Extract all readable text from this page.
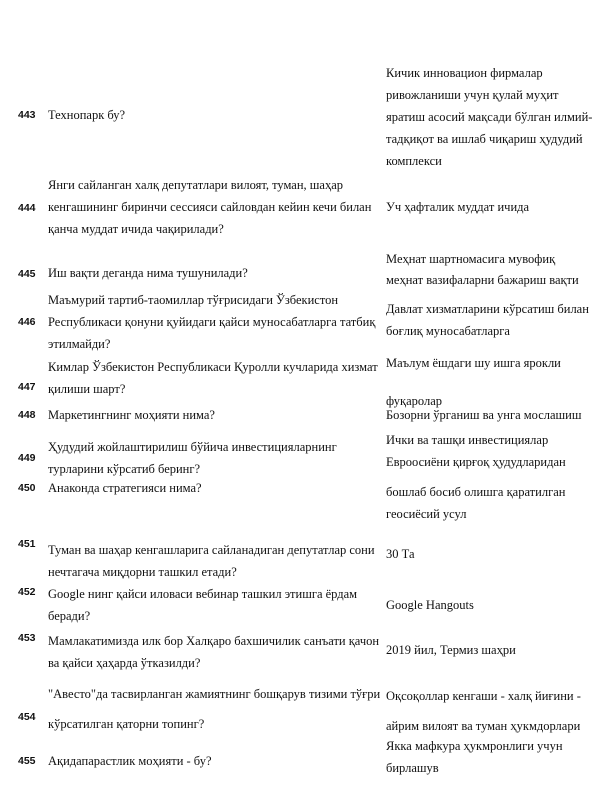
443 Технопарк бу?
Кичик инновацион фирмалар
ривожланиши учун қулай муҳит
яратиш асосий мақсади бўлган илмий-
тадқиқот ва ишлаб чиқариш ҳудудий
комплекси
444
Янги сайланган халқ депутатлари вилоят, туман, шаҳар
кенгашининг биринчи сессияси сайловдан кейин кечи билан
қанча муддат ичида чақирилади?
Уч ҳафталик муддат ичида
445 Иш вақти деганда нима тушунилади?
Меҳнат шартномасига мувофиқ
меҳнат вазифаларни бажариш вақти
446
Маъмурий тартиб-таомиллар тўғрисидаги Ўзбекистон
Республикаси қонуни қуйидаги қайси муносабатларга татбиқ
этилмайди?
Давлат хизматларини кўрсатиш билан
боғлиқ муносабатларга
447
Кимлар Ўзбекистон Республикаси Қуролли кучларида хизмат
қилиши шарт?
Маълум ёшдаги шу ишга ярокли
фуқаролар
448 Маркетингнинг моҳияти нима?	Бозорни ўрганиш ва унга мослашиш
449
Ҳудудий жойлаштирилиш бўйича инвестицияларнинг
турларини кўрсатиб беринг?
Ички ва ташқи инвестициялар
Евроосиёни қирғоқ ҳудудларидан
450 Анаконда стратегияси нима?	бошлаб босиб олишга қаратилган
геосиёсий усул
451 Туман ва шаҳар кенгашларига сайланадиган депутатлар сони
нечтагача миқдорни ташкил етади?
30 Та
452 Google нинг қайси иловаси вебинар ташкил этишга ёрдам
беради?
Google Hangouts
453 Мамлакатимизда илк бор Халқаро бахшичилик санъати қачон
ва қайси ҳаҳарда ўтказилди?
2019 йил, Термиз шаҳри
454
"Авесто"да тасвирланган жамиятнинг бошқарув тизими тўғри
кўрсатилган қаторни топинг?
Оқсоқоллар кенгаши - халқ йиғини -
айрим вилоят ва туман ҳукмдорлари
455 Ақидапарастлик моҳияти - бу?
Якка мафкура ҳукмронлиги учун
бирлашув
